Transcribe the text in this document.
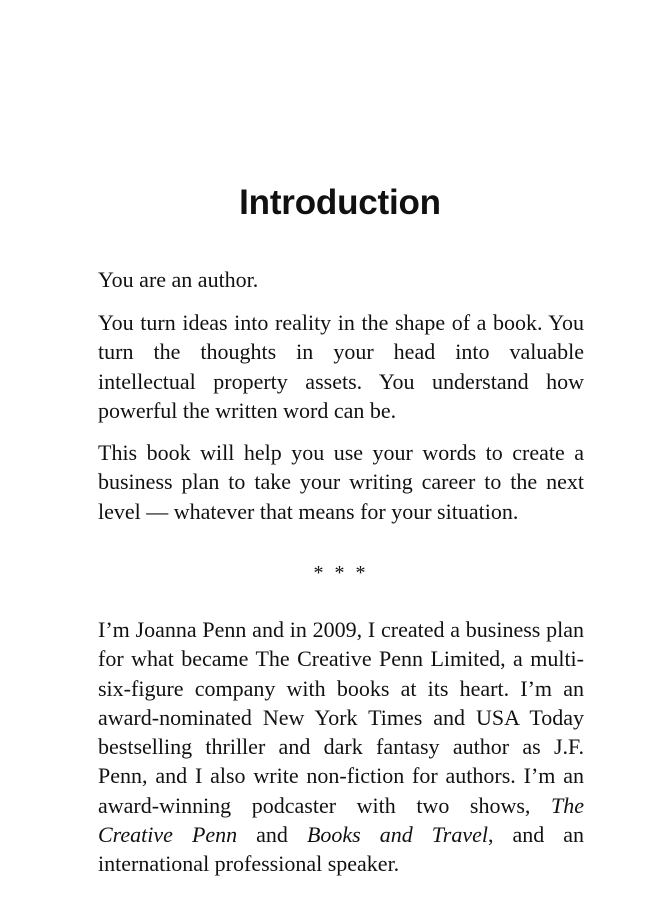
Introduction

You are an author.

You turn ideas into reality in the shape of a book. You turn the thoughts in your head into valuable intellectual property assets. You understand how powerful the written word can be.

This book will help you use your words to create a business plan to take your writing career to the next level — whatever that means for your situation.

* * *

I’m Joanna Penn and in 2009, I created a business plan for what became The Creative Penn Limited, a multi-six-figure company with books at its heart. I’m an award-nominated New York Times and USA Today bestselling thriller and dark fantasy author as J.F. Penn, and I also write non-fiction for authors. I’m an award-winning podcaster with two shows, The Creative Penn and Books and Travel, and an international professional speaker.
